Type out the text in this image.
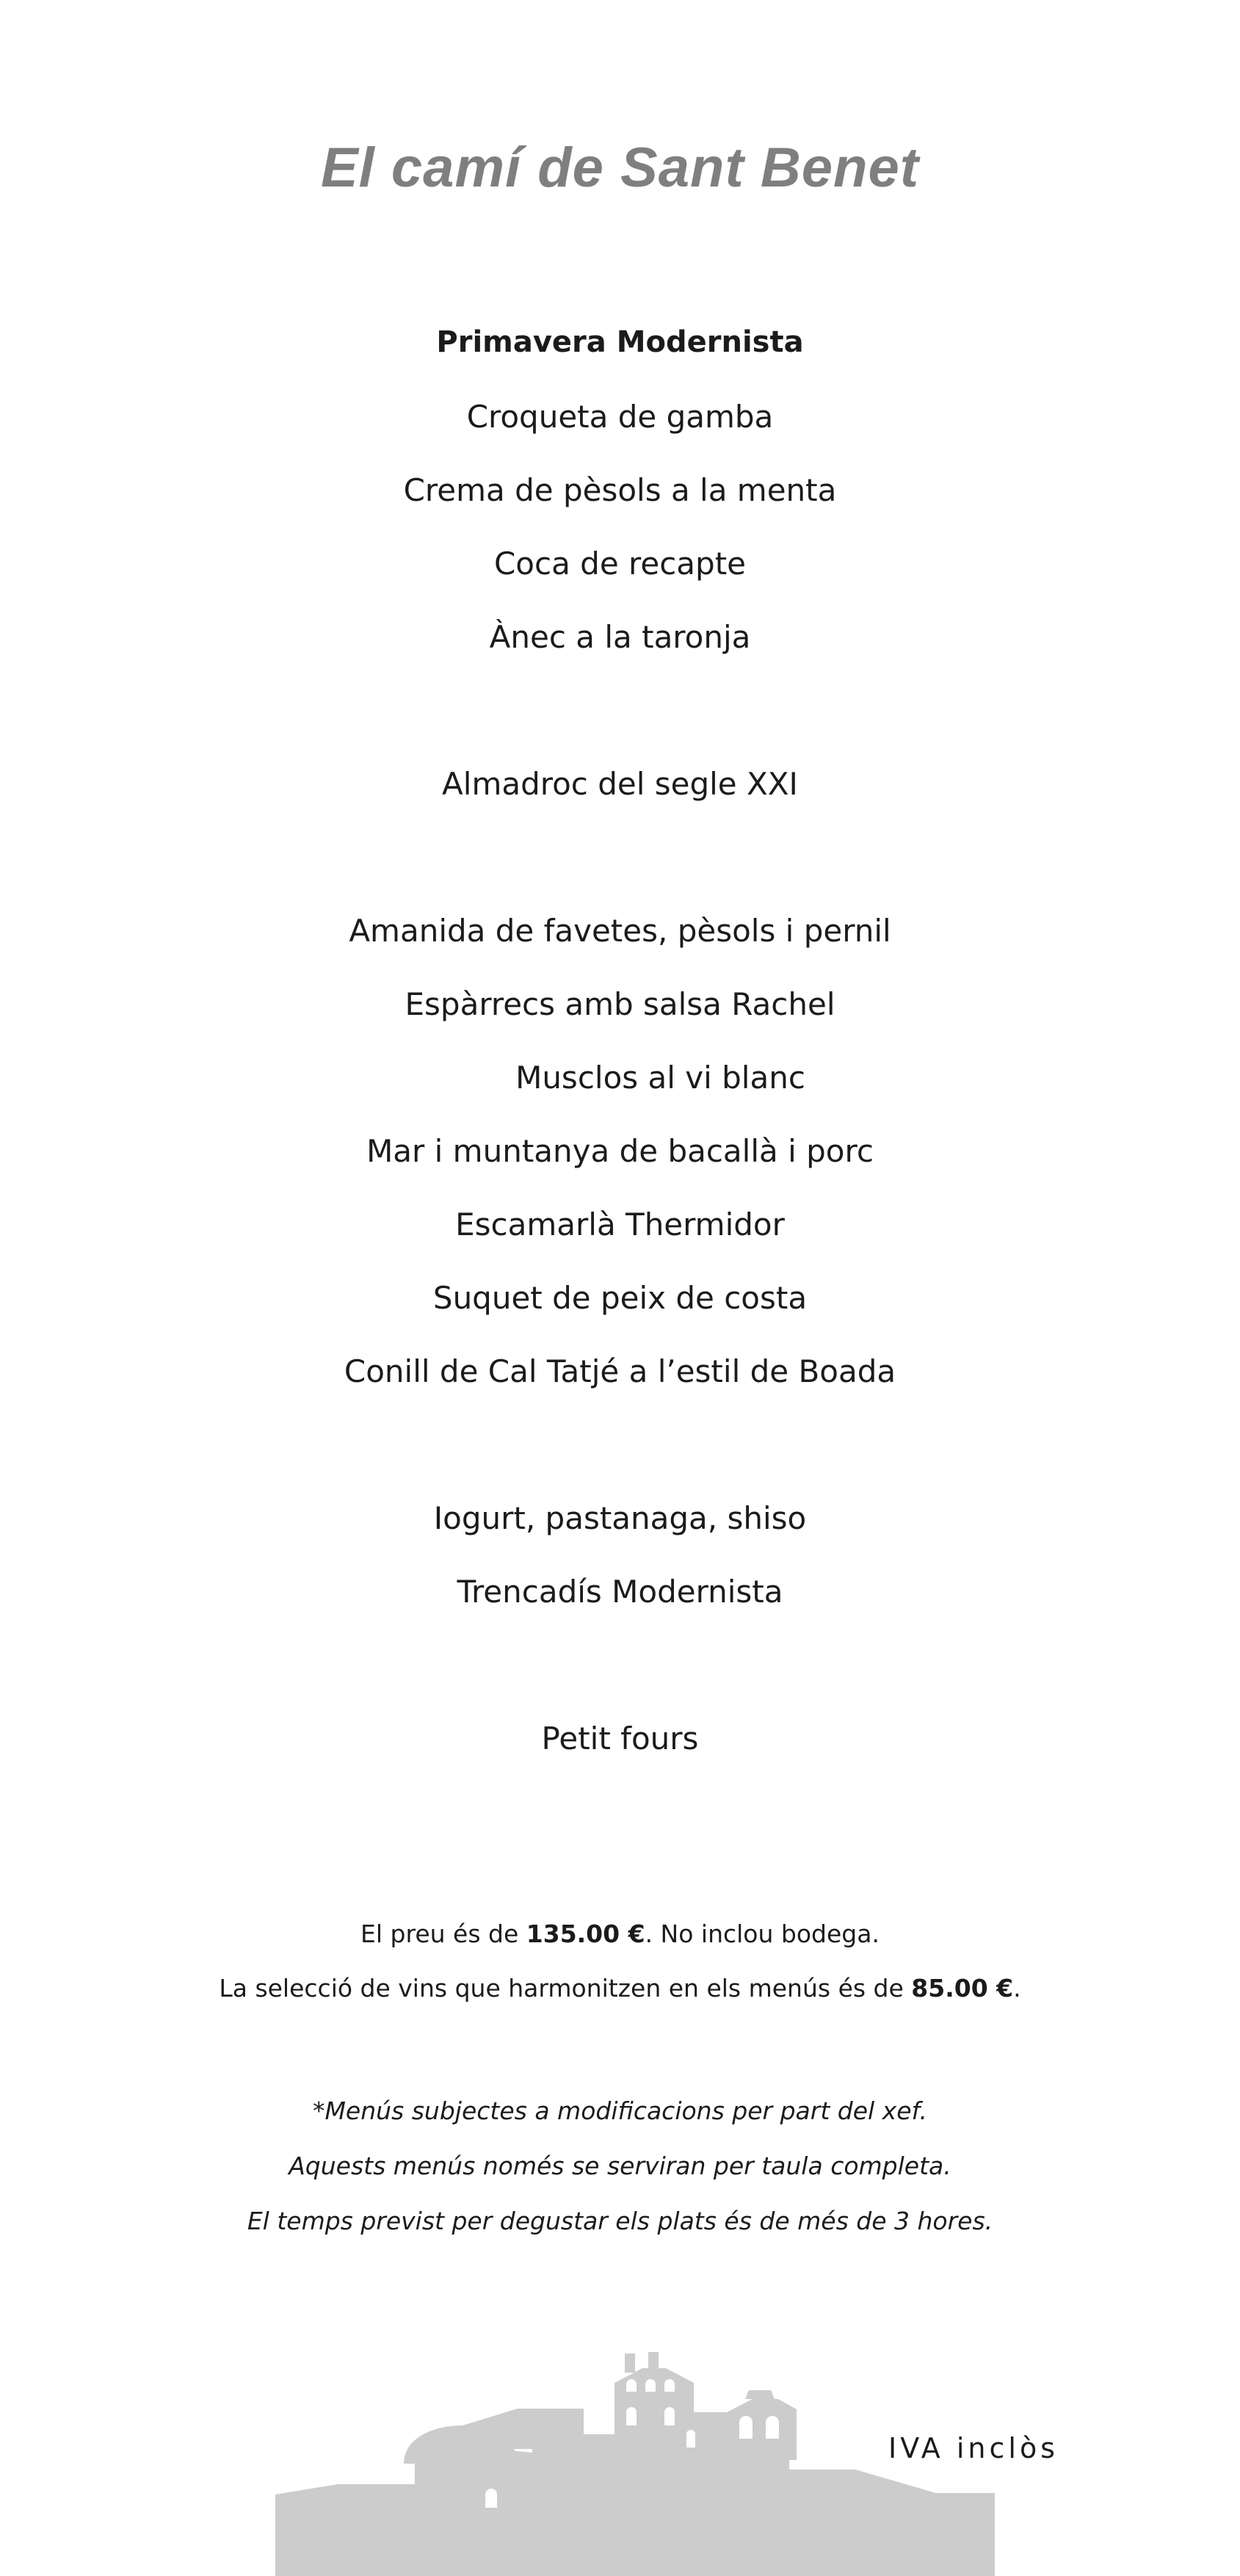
El camí de Sant Benet
Primavera Modernista
Croqueta de gamba
Crema de pèsols a la menta
Coca de recapte
Ànec a la taronja
Almadroc del segle XXI
Amanida de favetes, pèsols i pernil
Espàrrecs amb salsa Rachel
Musclos al vi blanc
Mar i muntanya de bacallà i porc
Escamarlà Thermidor
Suquet de peix de costa
Conill de Cal Tatjé a l’estil de Boada
Iogurt, pastanaga, shiso
Trencadís Modernista
Petit fours
El preu és de 135.00 €. No inclou bodega.
La selecció de vins que harmonitzen en els menús és de 85.00 €.
*Menús subjectes a modificacions per part del xef.
Aquests menús només se serviran per taula completa.
El temps previst per degustar els plats és de més de 3 hores.
IVA inclòs
